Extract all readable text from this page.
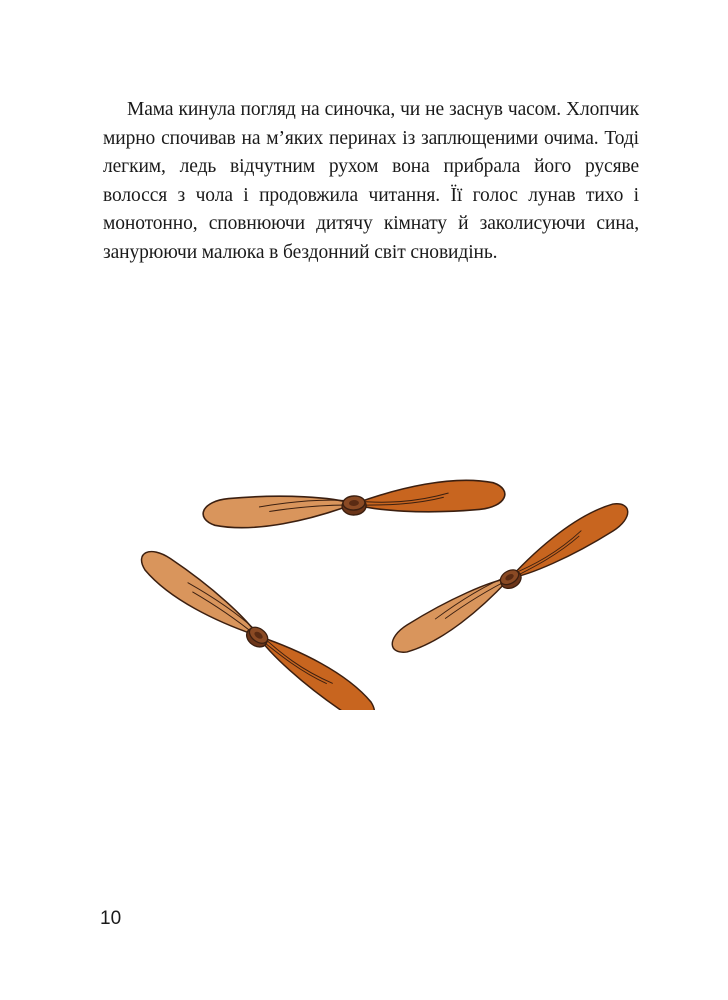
Мама кинула погляд на синочка, чи не заснув часом. Хлопчик мирно спочивав на м’яких перинах із заплющеними очима. Тоді легким, ледь відчутним рухом вона прибрала його русяве волосся з чола і продовжила читання. Її голос лунав тихо і монотонно, сповнюючи дитячу кімнату й заколисуючи сина, занурюючи малюка в бездонний світ сновидінь.

10
